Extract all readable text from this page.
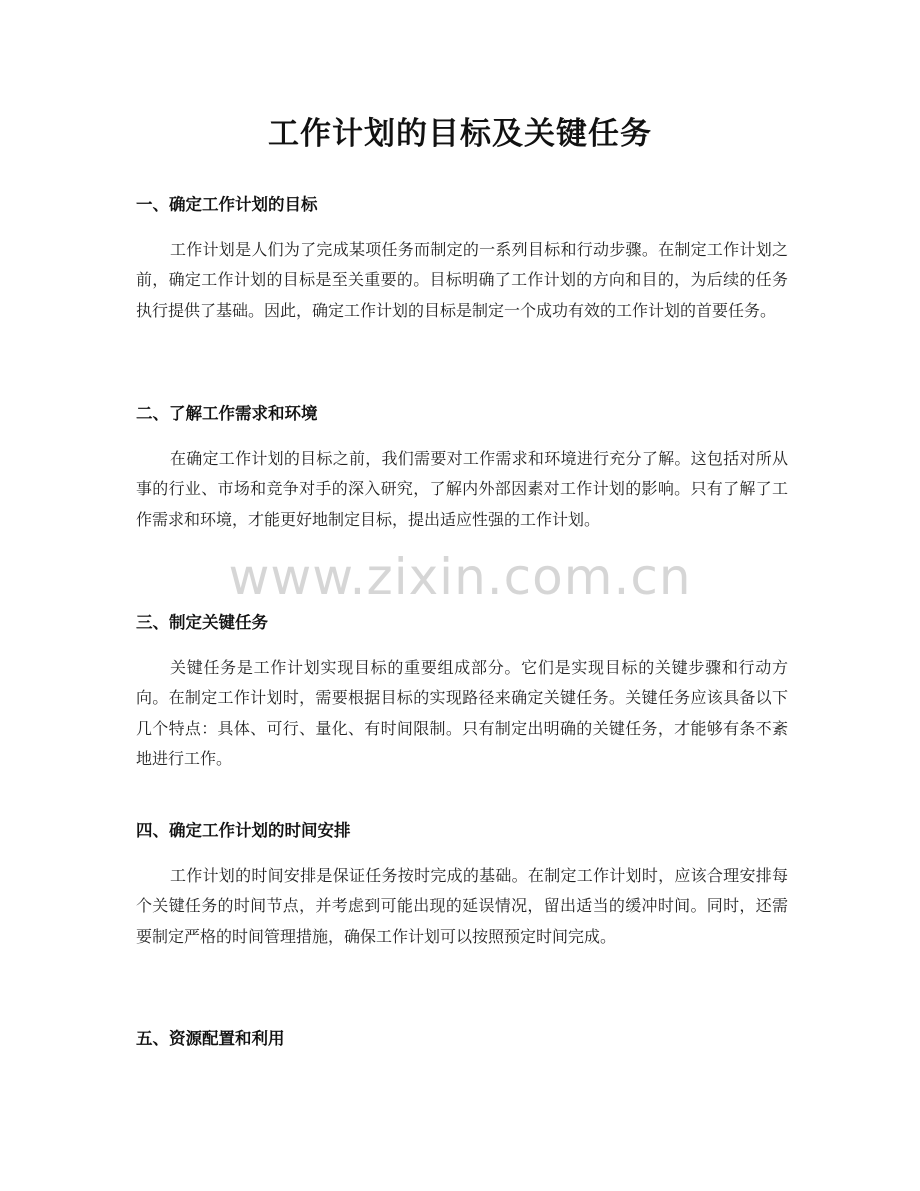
工作计划的目标及关键任务
一、确定工作计划的目标

工作计划是人们为了完成某项任务而制定的一系列目标和行动步骤。在制定工作计划之前，确定工作计划的目标是至关重要的。目标明确了工作计划的方向和目的，为后续的任务执行提供了基础。因此，确定工作计划的目标是制定一个成功有效的工作计划的首要任务。

二、了解工作需求和环境

在确定工作计划的目标之前，我们需要对工作需求和环境进行充分了解。这包括对所从事的行业、市场和竞争对手的深入研究，了解内外部因素对工作计划的影响。只有了解了工作需求和环境，才能更好地制定目标，提出适应性强的工作计划。

三、制定关键任务

关键任务是工作计划实现目标的重要组成部分。它们是实现目标的关键步骤和行动方向。在制定工作计划时，需要根据目标的实现路径来确定关键任务。关键任务应该具备以下几个特点：具体、可行、量化、有时间限制。只有制定出明确的关键任务，才能够有条不紊地进行工作。

四、确定工作计划的时间安排

工作计划的时间安排是保证任务按时完成的基础。在制定工作计划时，应该合理安排每个关键任务的时间节点，并考虑到可能出现的延误情况，留出适当的缓冲时间。同时，还需要制定严格的时间管理措施，确保工作计划可以按照预定时间完成。

五、资源配置和利用
www.zixin.com.cn
